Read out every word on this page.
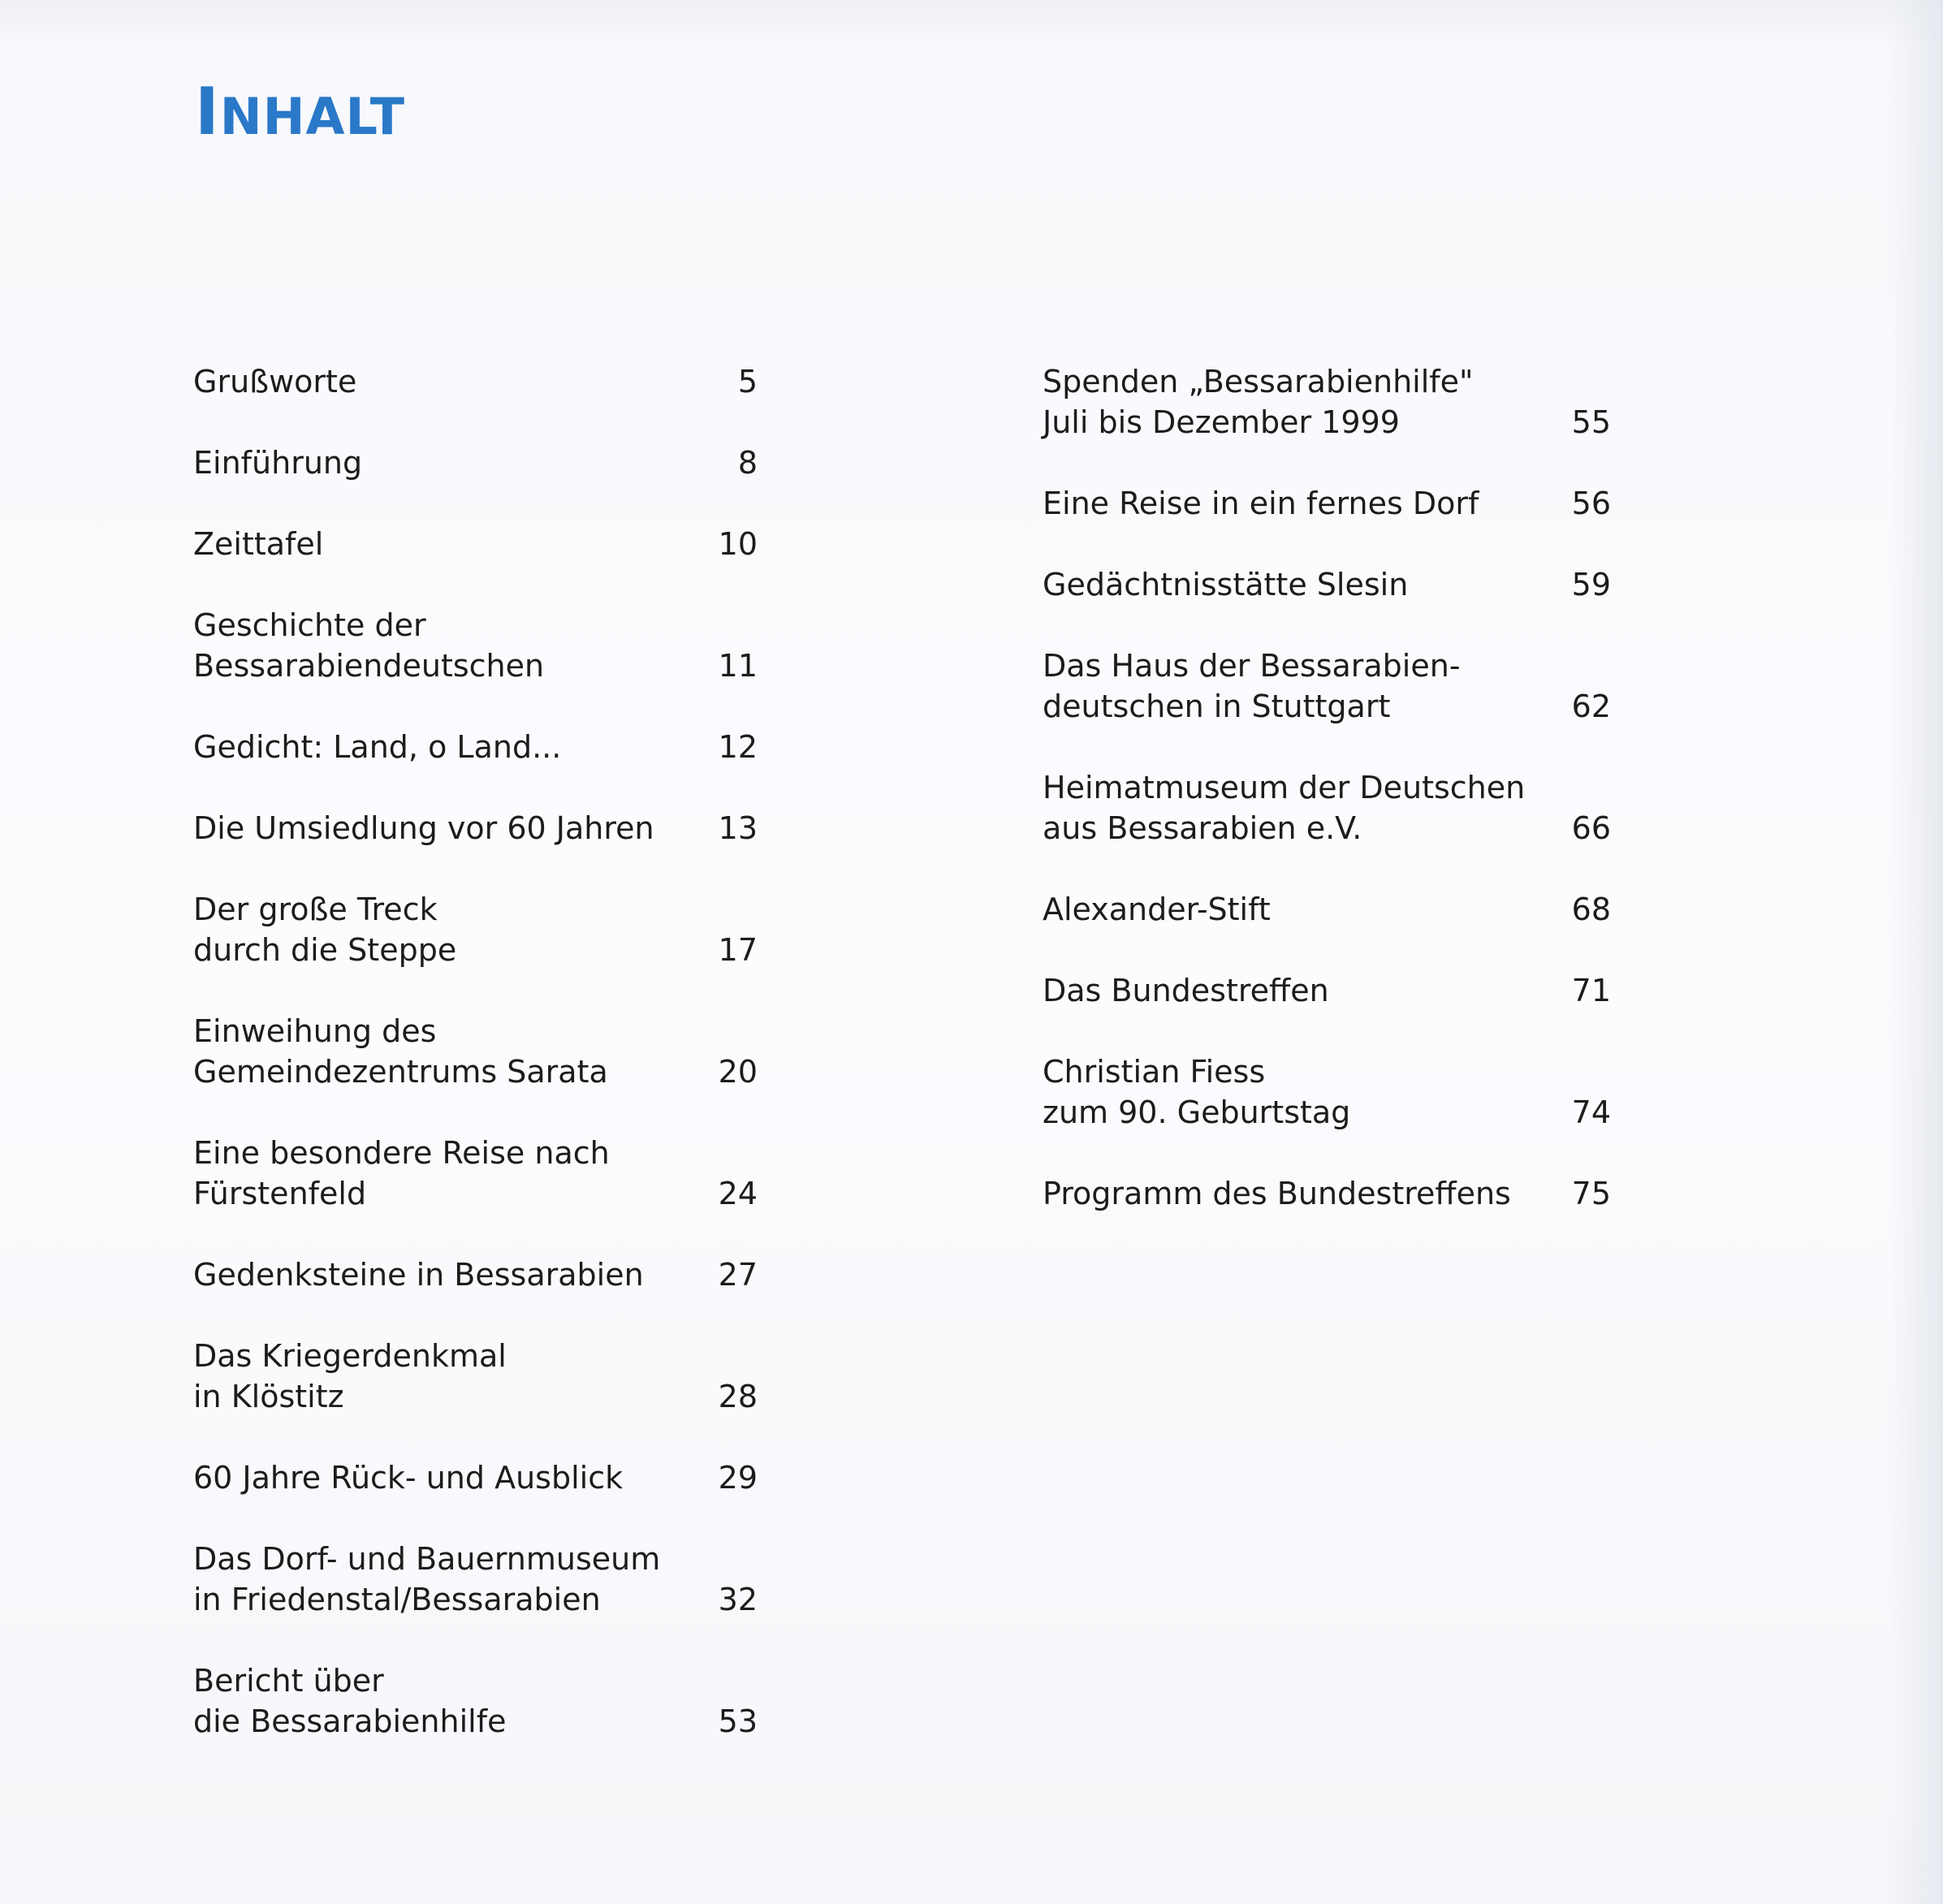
INHALT
Grußworte	5
Einführung	8
Zeittafel	10
Geschichte der
Bessarabiendeutschen	11
Gedicht: Land, o Land...	12
Die Umsiedlung vor 60 Jahren 13
Der große Treck
durch die Steppe	17
Einweihung des
Gemeindezentrums Sarata	20
Eine besondere Reise nach
Fürstenfeld	24
Gedenksteine in Bessarabien 27
Das Kriegerdenkmal
in Klöstitz	28
60 Jahre Rück- und Ausblick	29
Das Dorf- und Bauernmuseum
in Friedenstal/Bessarabien	32
Bericht über
die Bessarabienhilfe	53
Spenden „Bessarabienhilfe"
Juli bis Dezember 1999	55
Eine Reise in ein fernes Dorf	56
Gedächtnisstätte Slesin	59
Das Haus der Bessarabien-
deutschen in Stuttgart	62
Heimatmuseum der Deutschen
aus Bessarabien e.V.	66
Alexander-Stift	68
Das Bundestreffen	71
Christian Fiess
zum 90. Geburtstag	74
Programm des Bundestreffens 75
